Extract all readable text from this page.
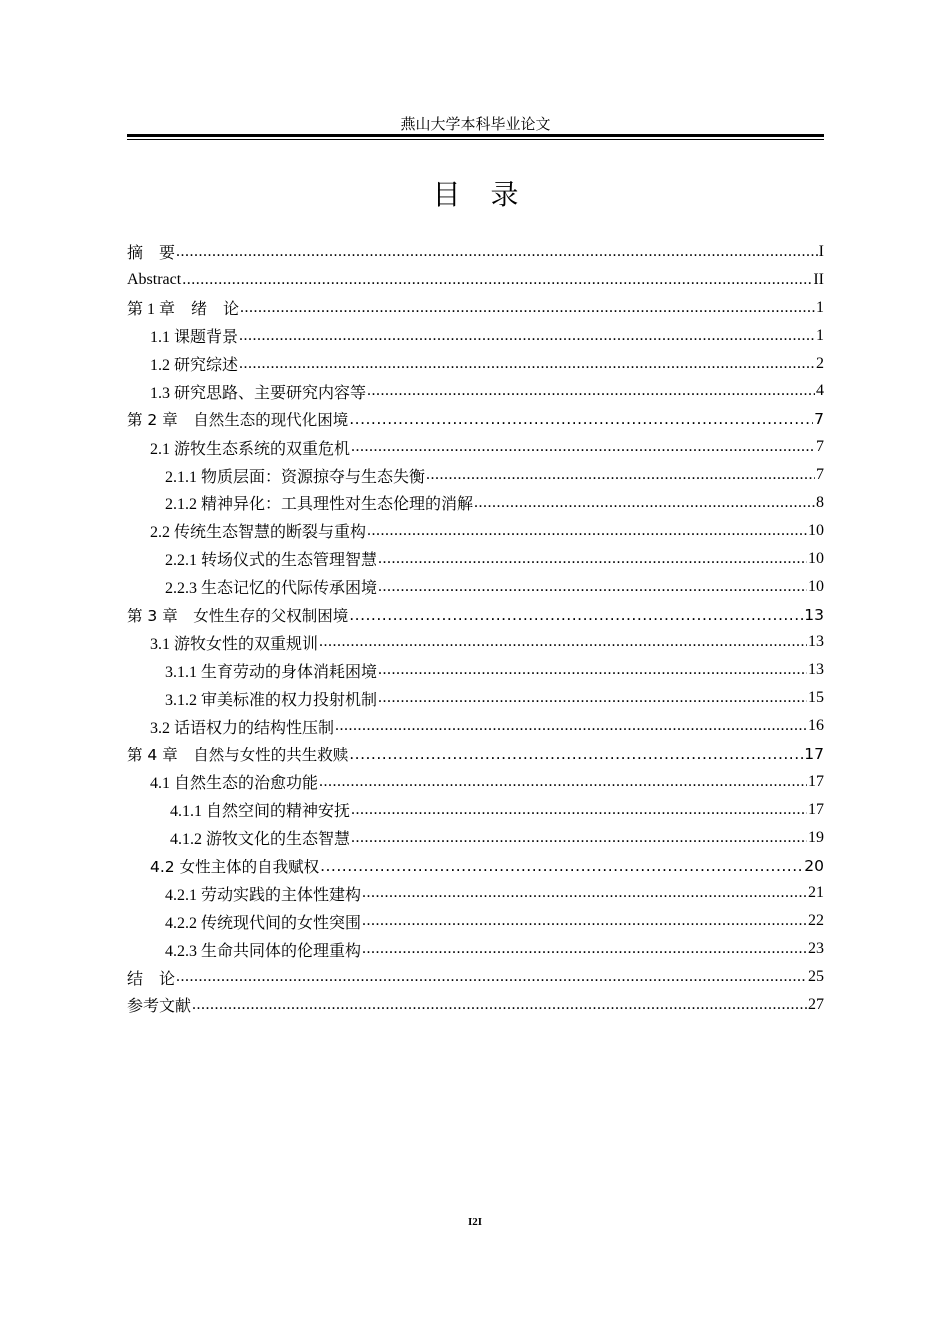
燕山大学本科毕业论文
目录
摘　要 .....	I
Abstract .....	II
第 1 章　绪　论 .....	1
1.1 课题背景 .....	1
1.2 研究综述 .....	2
1.3 研究思路、主要研究内容等 .....	4
第 2 章　自然生态的现代化困境 .....	7
2.1 游牧生态系统的双重危机 .....	7
2.1.1 物质层面：资源掠夺与生态失衡 .....	7
2.1.2 精神异化：工具理性对生态伦理的消解 .....	8
2.2 传统生态智慧的断裂与重构 .....	10
2.2.1 转场仪式的生态管理智慧 .....	10
2.2.3 生态记忆的代际传承困境 .....	10
第 3 章　女性生存的父权制困境 .....	13
3.1 游牧女性的双重规训 .....	13
3.1.1 生育劳动的身体消耗困境 .....	13
3.1.2 审美标准的权力投射机制 .....	15
3.2 话语权力的结构性压制 .....	16
第 4 章　自然与女性的共生救赎 .....	17
4.1 自然生态的治愈功能 .....	17
4.1.1 自然空间的精神安抚 .....	17
4.1.2 游牧文化的生态智慧 .....	19
4.2 女性主体的自我赋权 .....	20
4.2.1 劳动实践的主体性建构 .....	21
4.2.2 传统现代间的女性突围 .....	22
4.2.3 生命共同体的伦理重构 .....	23
结　论 .....	25
参考文献 .....	27
I2I
